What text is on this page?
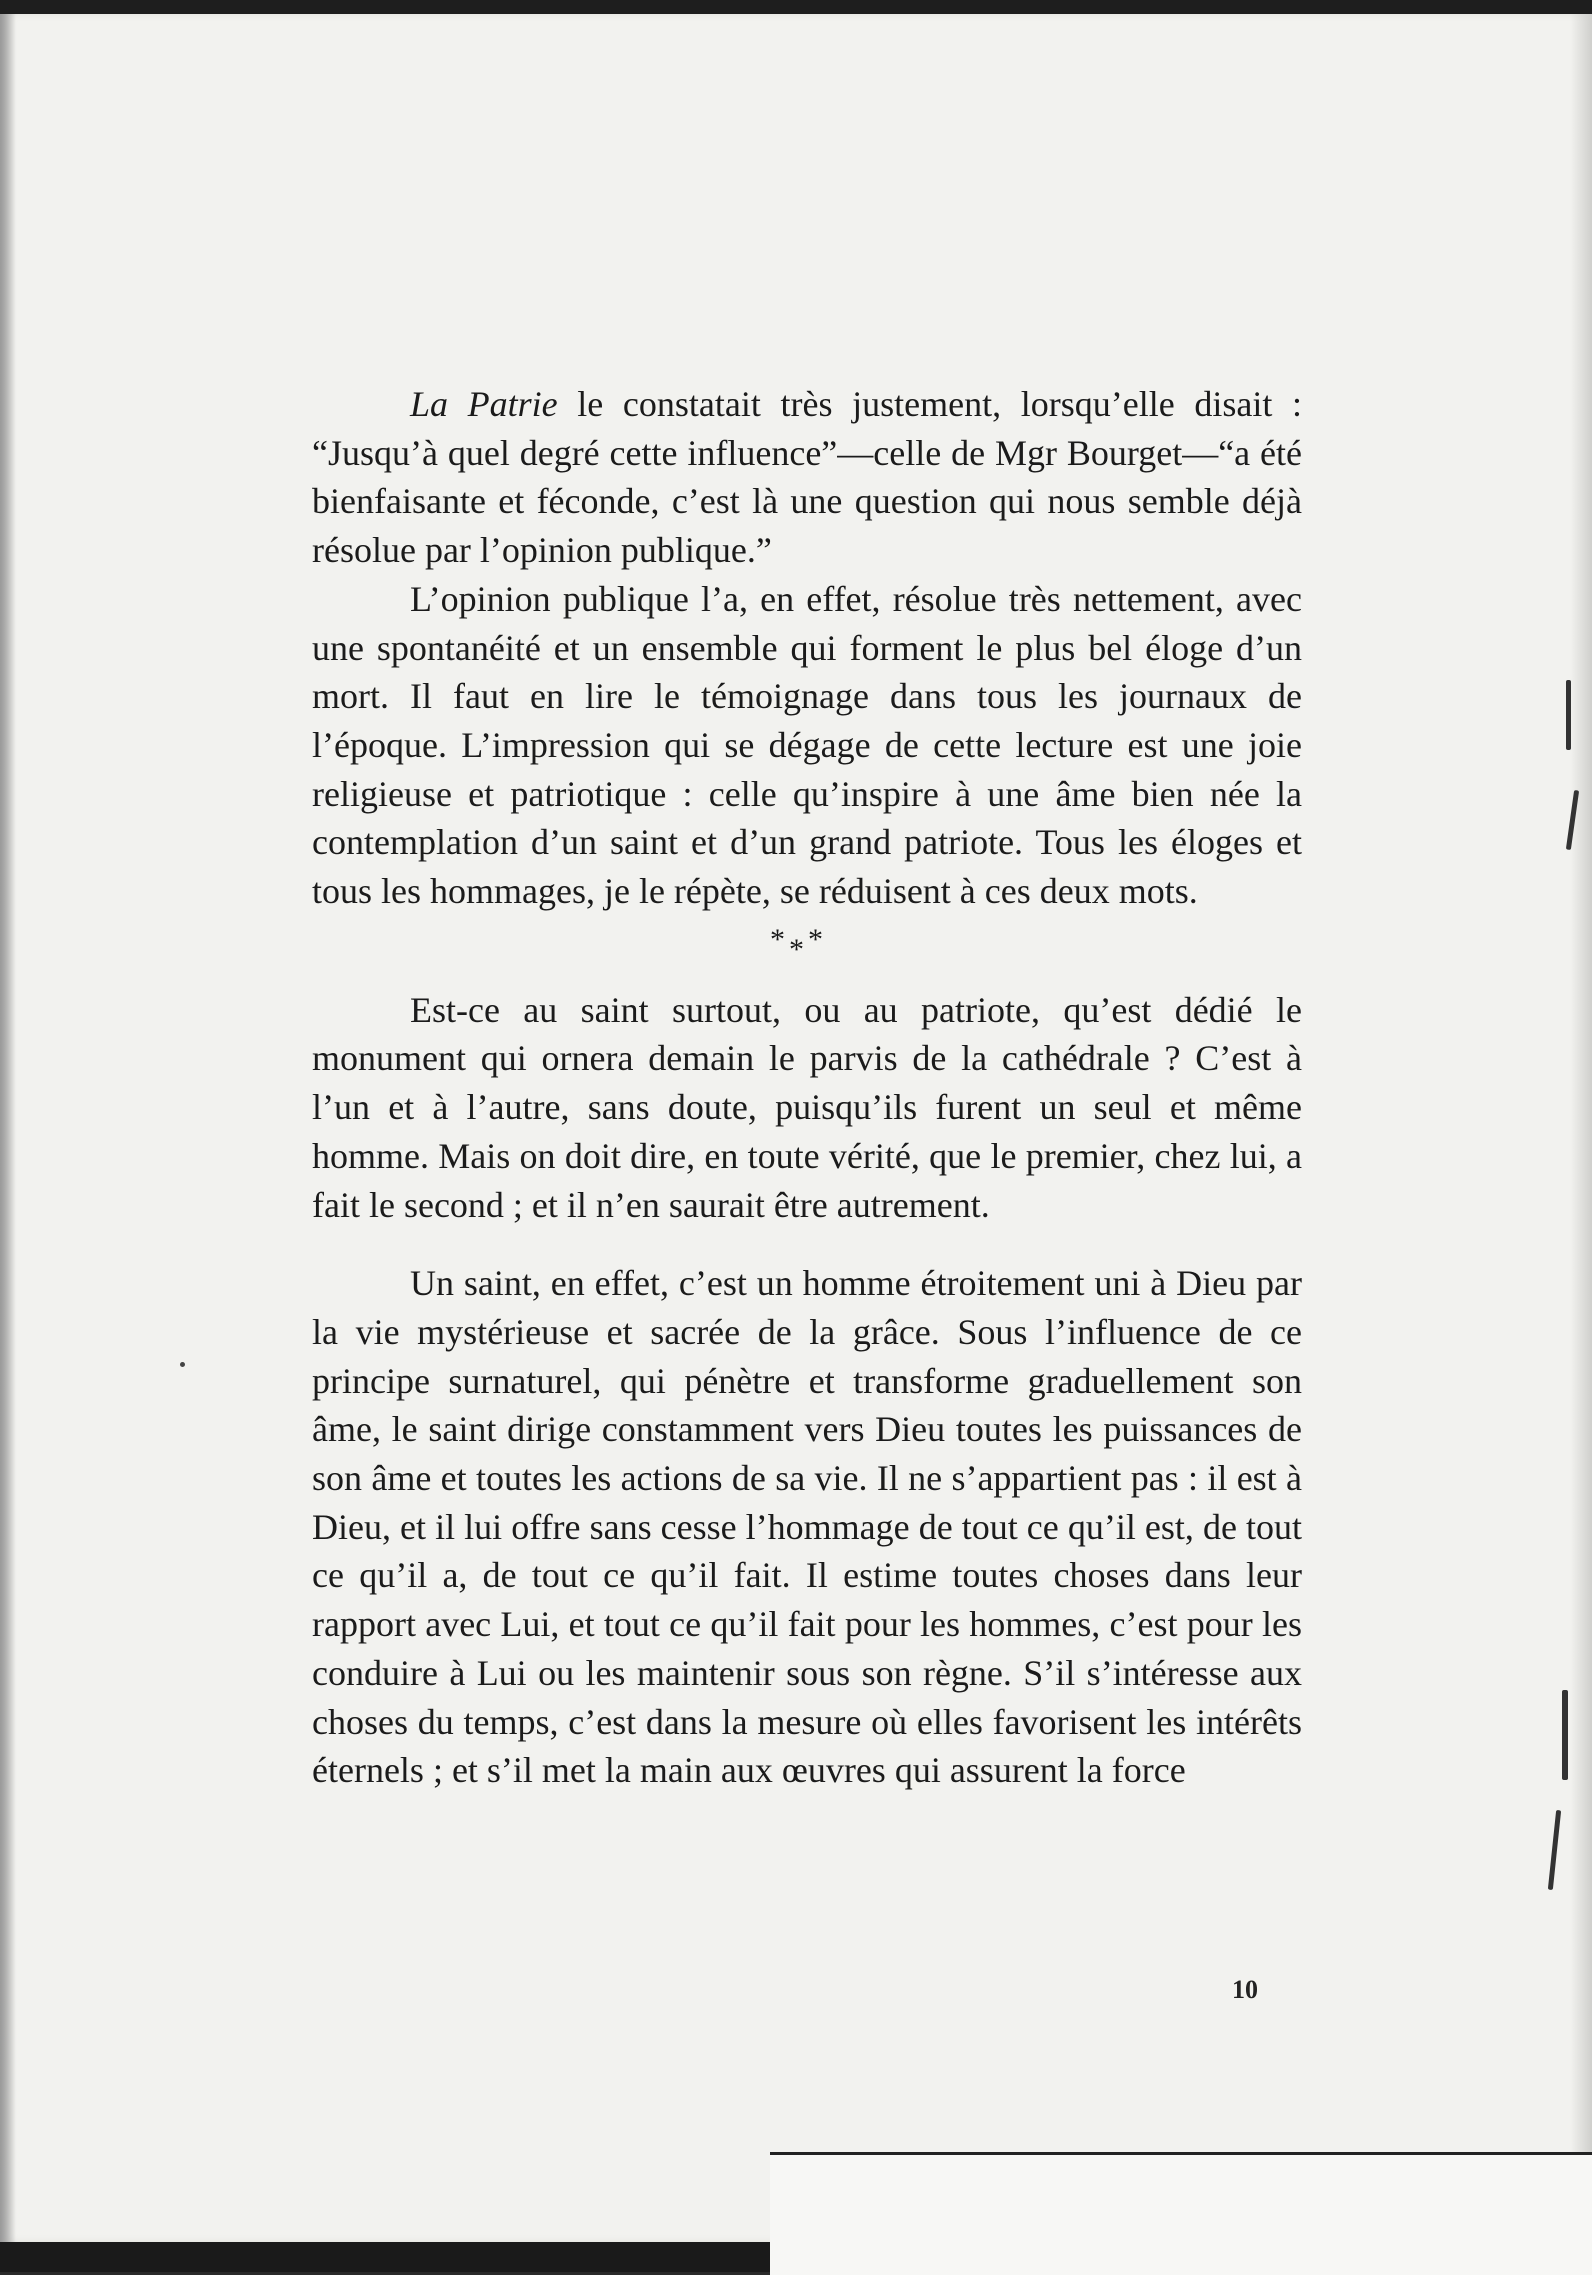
La Patrie le constatait très justement, lorsqu’elle disait : “Jusqu’à quel degré cette influence”—celle de Mgr Bourget—“a été bienfaisante et féconde, c’est là une question qui nous semble déjà résolue par l’opinion publique.”

L’opinion publique l’a, en effet, résolue très nettement, avec une spontanéité et un ensemble qui forment le plus bel éloge d’un mort. Il faut en lire le témoignage dans tous les journaux de l’époque. L’impression qui se dégage de cette lecture est une joie religieuse et patriotique : celle qu’inspire à une âme bien née la contemplation d’un saint et d’un grand patriote. Tous les éloges et tous les hommages, je le répète, se réduisent à ces deux mots.

* * *

Est-ce au saint surtout, ou au patriote, qu’est dédié le monument qui ornera demain le parvis de la cathédrale ? C’est à l’un et à l’autre, sans doute, puisqu’ils furent un seul et même homme. Mais on doit dire, en toute vérité, que le premier, chez lui, a fait le second ; et il n’en saurait être autrement.

Un saint, en effet, c’est un homme étroitement uni à Dieu par la vie mystérieuse et sacrée de la grâce. Sous l’influence de ce principe surnaturel, qui pénètre et transforme graduellement son âme, le saint dirige constamment vers Dieu toutes les puissances de son âme et toutes les actions de sa vie. Il ne s’appartient pas : il est à Dieu, et il lui offre sans cesse l’hommage de tout ce qu’il est, de tout ce qu’il a, de tout ce qu’il fait. Il estime toutes choses dans leur rapport avec Lui, et tout ce qu’il fait pour les hommes, c’est pour les conduire à Lui ou les maintenir sous son règne. S’il s’intéresse aux choses du temps, c’est dans la mesure où elles favorisent les intérêts éternels ; et s’il met la main aux œuvres qui assurent la force

10
